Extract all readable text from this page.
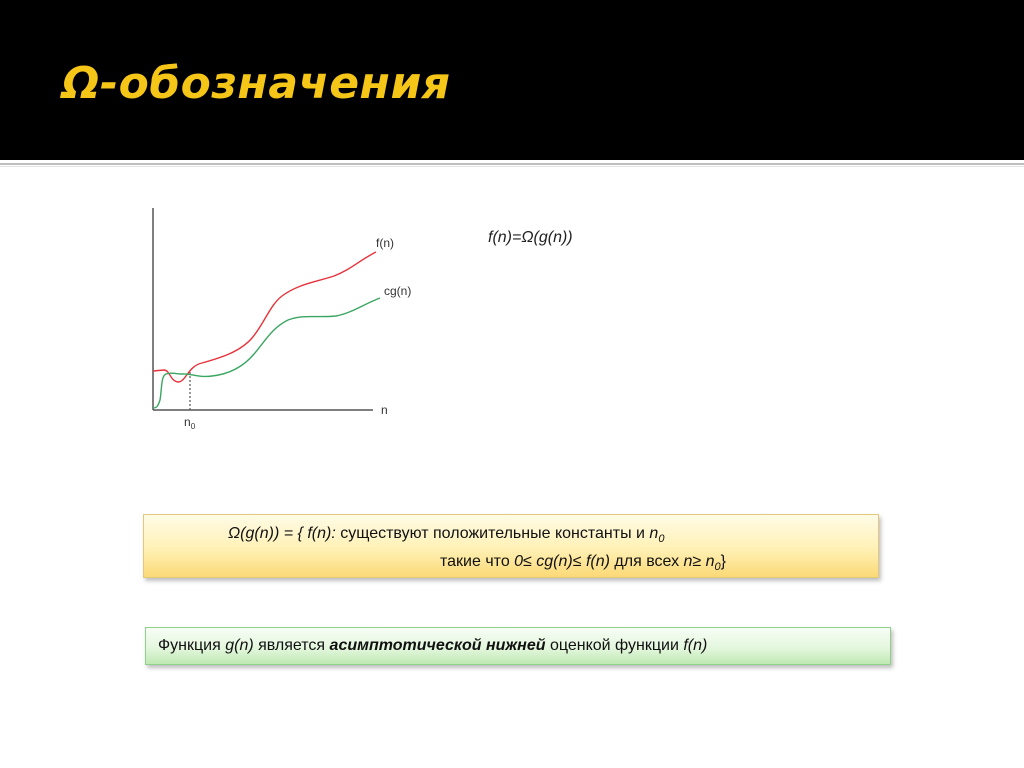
Ω-обозначения
f(n)
cg(n)
n
$n_0$
f(n)=Ω(g(n))
Ω(g(n)) = { f(n): существуют положительные константы и $n_0$
такие что 0≤ cg(n)≤ f(n) для всех $n\ge n_0$}
Функция g(n) является асимптотической нижней оценкой функции f(n)
